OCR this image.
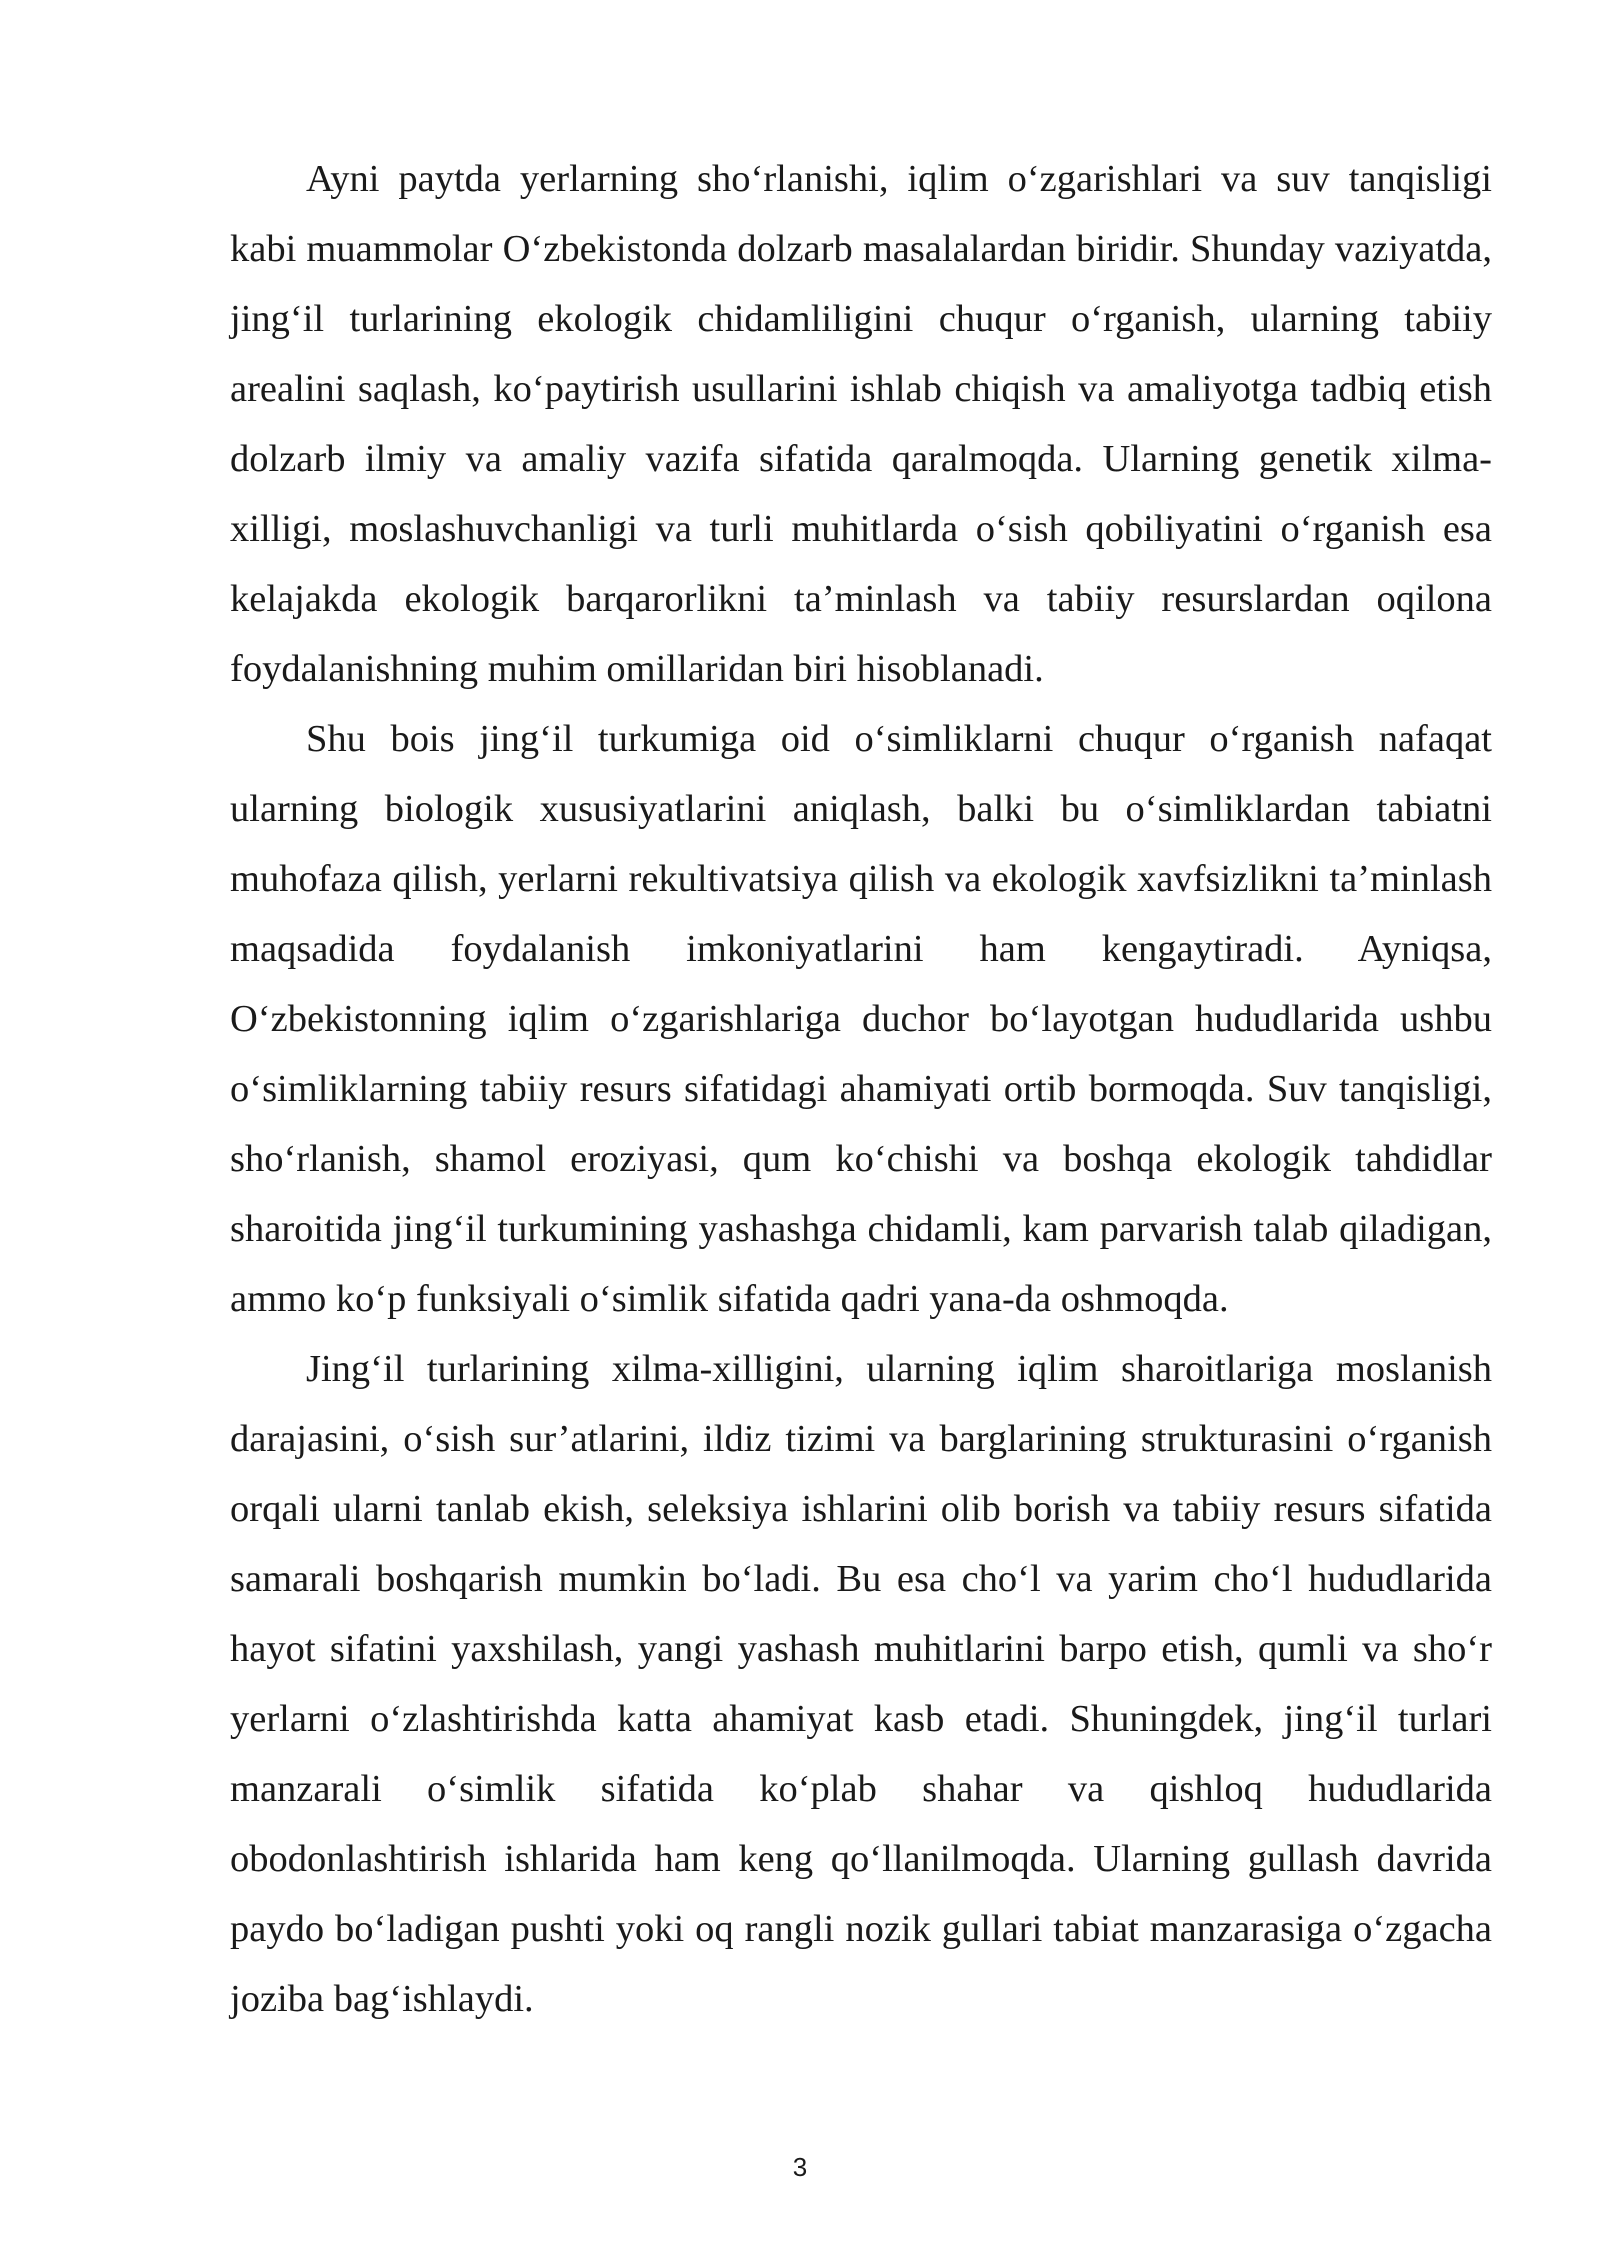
Ayni paytda yerlarning sho‘rlanishi, iqlim o‘zgarishlari va suv tanqisligi kabi muammolar O‘zbekistonda dolzarb masalalardan biridir. Shunday vaziyatda, jing‘il turlarining ekologik chidamliligini chuqur o‘rganish, ularning tabiiy arealini saqlash, ko‘paytirish usullarini ishlab chiqish va amaliyotga tadbiq etish dolzarb ilmiy va amaliy vazifa sifatida qaralmoqda. Ularning genetik xilma-xilligi, moslashuvchanligi va turli muhitlarda o‘sish qobiliyatini o‘rganish esa kelajakda ekologik barqarorlikni ta’minlash va tabiiy resurslardan oqilona foydalanishning muhim omillaridan biri hisoblanadi.

Shu bois jing‘il turkumiga oid o‘simliklarni chuqur o‘rganish nafaqat ularning biologik xususiyatlarini aniqlash, balki bu o‘simliklardan tabiatni muhofaza qilish, yerlarni rekultivatsiya qilish va ekologik xavfsizlikni ta’minlash maqsadida foydalanish imkoniyatlarini ham kengaytiradi. Ayniqsa, O‘zbekistonning iqlim o‘zgarishlariga duchor bo‘layotgan hududlarida ushbu o‘simliklarning tabiiy resurs sifatidagi ahamiyati ortib bormoqda. Suv tanqisligi, sho‘rlanish, shamol eroziyasi, qum ko‘chishi va boshqa ekologik tahdidlar sharoitida jing‘il turkumining yashashga chidamli, kam parvarish talab qiladigan, ammo ko‘p funksiyali o‘simlik sifatida qadri yana-da oshmoqda.

Jing‘il turlarining xilma-xilligini, ularning iqlim sharoitlariga moslanish darajasini, o‘sish sur’atlarini, ildiz tizimi va barglarining strukturasini o‘rganish orqali ularni tanlab ekish, seleksiya ishlarini olib borish va tabiiy resurs sifatida samarali boshqarish mumkin bo‘ladi. Bu esa cho‘l va yarim cho‘l hududlarida hayot sifatini yaxshilash, yangi yashash muhitlarini barpo etish, qumli va sho‘r yerlarni o‘zlashtirishda katta ahamiyat kasb etadi. Shuningdek, jing‘il turlari manzarali o‘simlik sifatida ko‘plab shahar va qishloq hududlarida obodonlashtirish ishlarida ham keng qo‘llanilmoqda. Ularning gullash davrida paydo bo‘ladigan pushti yoki oq rangli nozik gullari tabiat manzarasiga o‘zgacha joziba bag‘ishlaydi.

3
